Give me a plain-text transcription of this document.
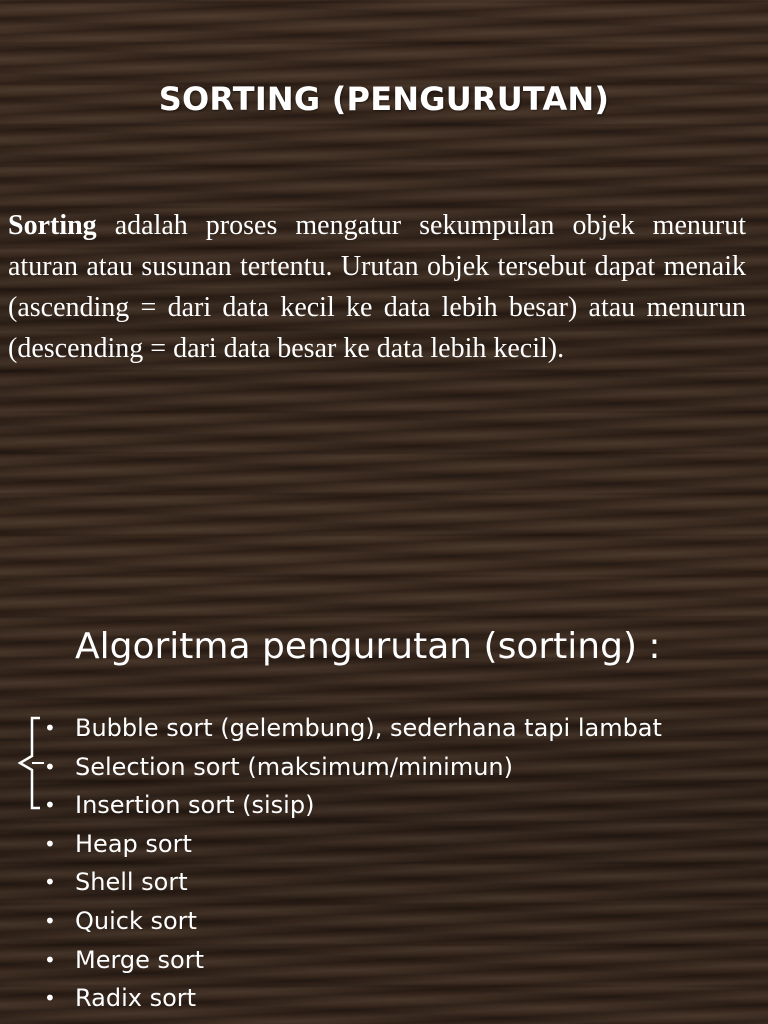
SORTING (PENGURUTAN)

Sorting adalah proses mengatur sekumpulan objek menurut aturan atau susunan tertentu. Urutan objek tersebut dapat menaik (ascending = dari data kecil ke data lebih besar) atau menurun (descending = dari data besar ke data lebih kecil).

Algoritma pengurutan (sorting) :
• Bubble sort (gelembung), sederhana tapi lambat
• Selection sort (maksimum/minimun)
• Insertion sort (sisip)
• Heap sort
• Shell sort
• Quick sort
• Merge sort
• Radix sort
